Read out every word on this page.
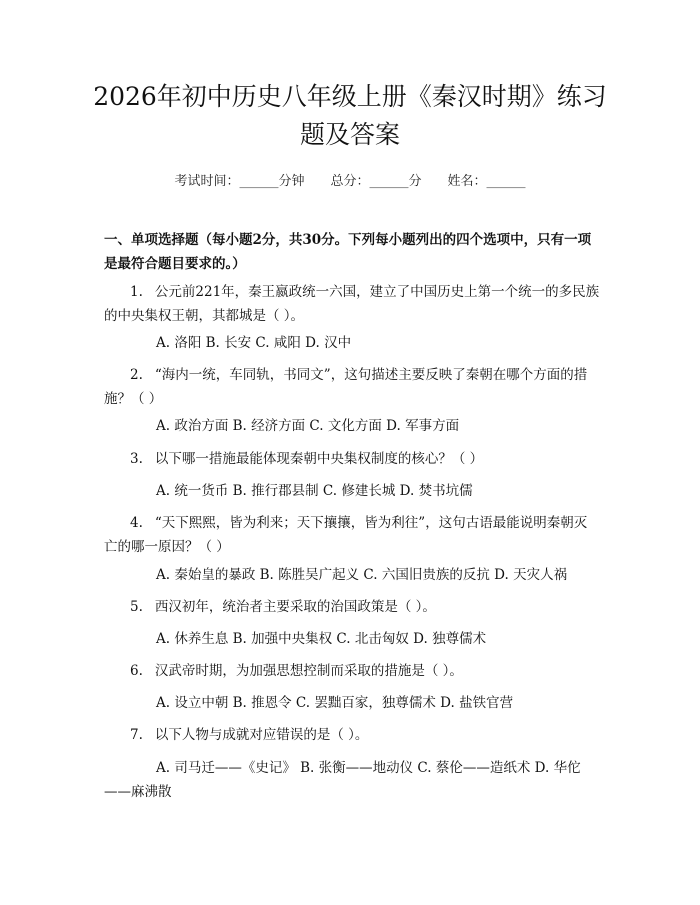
2026年初中历史八年级上册《秦汉时期》练习题及答案
考试时间：______分钟 总分：______分 姓名：______

一、单项选择题（每小题2分，共30分。下列每小题列出的四个选项中，只有一项是最符合题目要求的。）

1. 公元前221年，秦王嬴政统一六国，建立了中国历史上第一个统一的多民族的中央集权王朝，其都城是（ ）。

A. 洛阳 B. 长安 C. 咸阳 D. 汉中

2. “海内一统，车同轨，书同文”，这句描述主要反映了秦朝在哪个方面的措施？（ ）

A. 政治方面 B. 经济方面 C. 文化方面 D. 军事方面

3. 以下哪一措施最能体现秦朝中央集权制度的核心？（ ）

A. 统一货币 B. 推行郡县制 C. 修建长城 D. 焚书坑儒

4. “天下熙熙，皆为利来；天下攘攘，皆为利往”，这句古语最能说明秦朝灭亡的哪一原因？（ ）

A. 秦始皇的暴政 B. 陈胜吴广起义 C. 六国旧贵族的反抗 D. 天灾人祸

5. 西汉初年，统治者主要采取的治国政策是（ ）。

A. 休养生息 B. 加强中央集权 C. 北击匈奴 D. 独尊儒术

6. 汉武帝时期，为加强思想控制而采取的措施是（ ）。

A. 设立中朝 B. 推恩令 C. 罢黜百家，独尊儒术 D. 盐铁官营

7. 以下人物与成就对应错误的是（ ）。

A. 司马迁——《史记》 B. 张衡——地动仪 C. 蔡伦——造纸术 D. 华佗——麻沸散
